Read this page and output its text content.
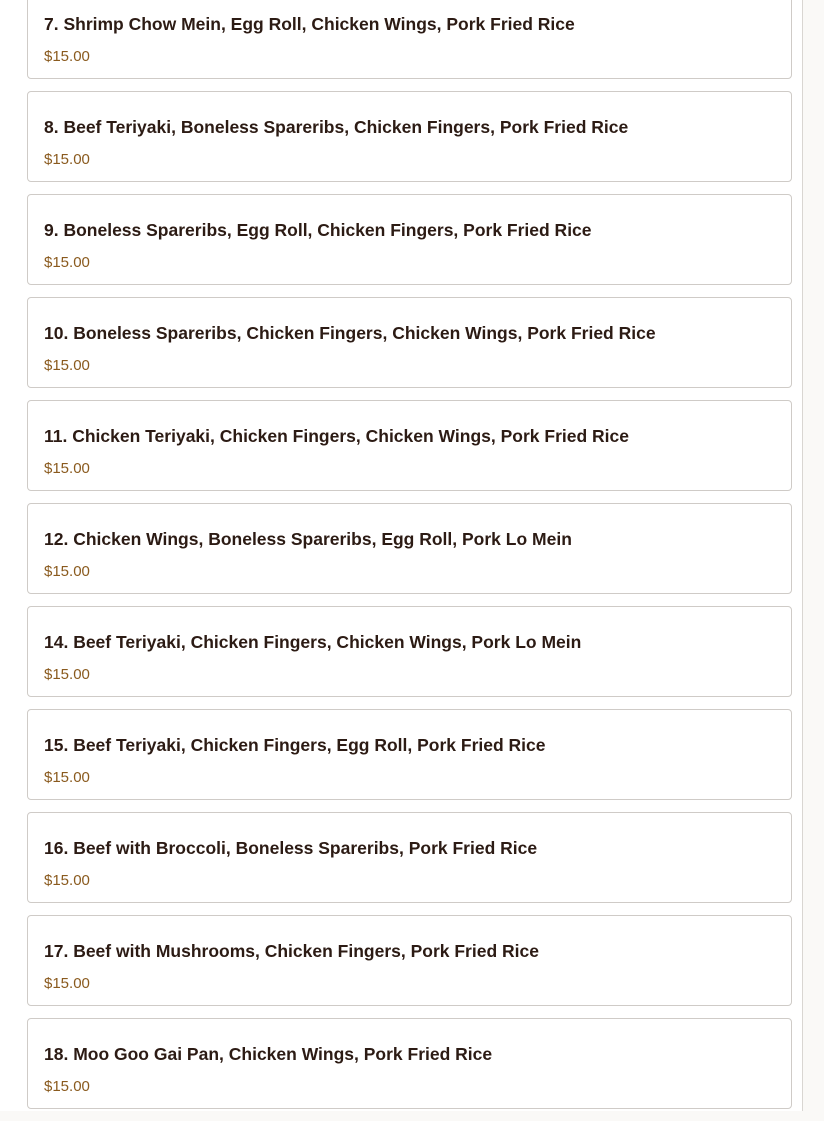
7. Shrimp Chow Mein, Egg Roll, Chicken Wings, Pork Fried Rice
$15.00
8. Beef Teriyaki, Boneless Spareribs, Chicken Fingers, Pork Fried Rice
$15.00
9. Boneless Spareribs, Egg Roll, Chicken Fingers, Pork Fried Rice
$15.00
10. Boneless Spareribs, Chicken Fingers, Chicken Wings, Pork Fried Rice
$15.00
11. Chicken Teriyaki, Chicken Fingers, Chicken Wings, Pork Fried Rice
$15.00
12. Chicken Wings, Boneless Spareribs, Egg Roll, Pork Lo Mein
$15.00
14. Beef Teriyaki, Chicken Fingers, Chicken Wings, Pork Lo Mein
$15.00
15. Beef Teriyaki, Chicken Fingers, Egg Roll, Pork Fried Rice
$15.00
16. Beef with Broccoli, Boneless Spareribs, Pork Fried Rice
$15.00
17. Beef with Mushrooms, Chicken Fingers, Pork Fried Rice
$15.00
18. Moo Goo Gai Pan, Chicken Wings, Pork Fried Rice
$15.00
